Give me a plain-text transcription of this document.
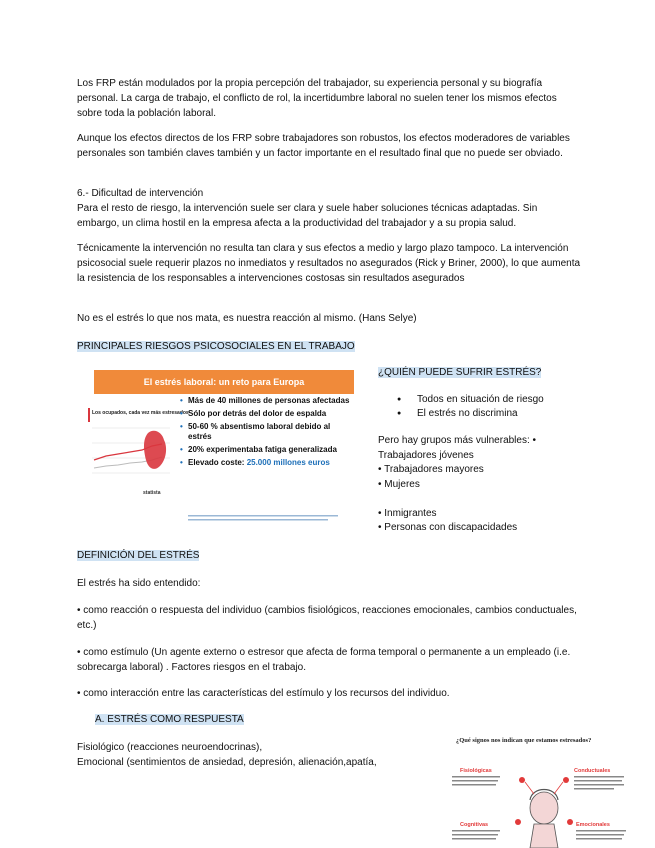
Los FRP están modulados por la propia percepción del trabajador, su experiencia personal y su biografía personal. La carga de trabajo, el conflicto de rol, la incertidumbre laboral no suelen tener los mismos efectos sobre toda la población laboral.

Aunque los efectos directos de los FRP sobre trabajadores son robustos, los efectos moderadores de variables personales son también claves también y un factor importante en el resultado final que no puede ser obviado.

6.- Dificultad de intervención

Para el resto de riesgo, la intervención suele ser clara y suele haber soluciones técnicas adaptadas. Sin embargo, un clima hostil en la empresa afecta a la productividad del trabajador y a su propia salud.

Técnicamente la intervención no resulta tan clara y sus efectos a medio y largo plazo tampoco. La intervención psicosocial suele requerir plazos no inmediatos y resultados no asegurados (Rick y Briner, 2000), lo que aumenta la resistencia de los responsables a intervenciones costosas sin resultados asegurados

No es el estrés lo que nos mata, es nuestra reacción al mismo. (Hans Selye)

PRINCIPALES RIESGOS PSICOSOCIALES EN EL TRABAJO

El estrés laboral: un reto para Europa
Los ocupados, cada vez más estresados
statista
• Más de 40 millones de personas afectadas
• Sólo por detrás del dolor de espalda
• 50-60 % absentismo laboral debido al estrés
• 20% experimentaba fatiga generalizada
• Elevado coste: 25.000 millones euros

¿QUIÉN PUEDE SUFRIR ESTRÉS?

● Todos en situación de riesgo
● El estrés no discrimina

Pero hay grupos más vulnerables: •

Trabajadores jóvenes

• Trabajadores mayores

• Mujeres

• Inmigrantes

• Personas con discapacidades

DEFINICIÓN DEL ESTRÉS

El estrés ha sido entendido:

• como reacción o respuesta del individuo (cambios fisiológicos, reacciones emocionales, cambios conductuales, etc.)

• como estímulo (Un agente externo o estresor que afecta de forma temporal o permanente a un empleado (i.e. sobrecarga laboral) . Factores riesgos en el trabajo.

• como interacción entre las características del estímulo y los recursos del individuo.

A. ESTRÉS COMO RESPUESTA

Fisiológico (reacciones neuroendocrinas),

Emocional (sentimientos de ansiedad, depresión, alienación,apatía,

¿Qué signos nos indican que estamos estresados?
Fisiológicas	Conductuales
Cognitivas	Emocionales
